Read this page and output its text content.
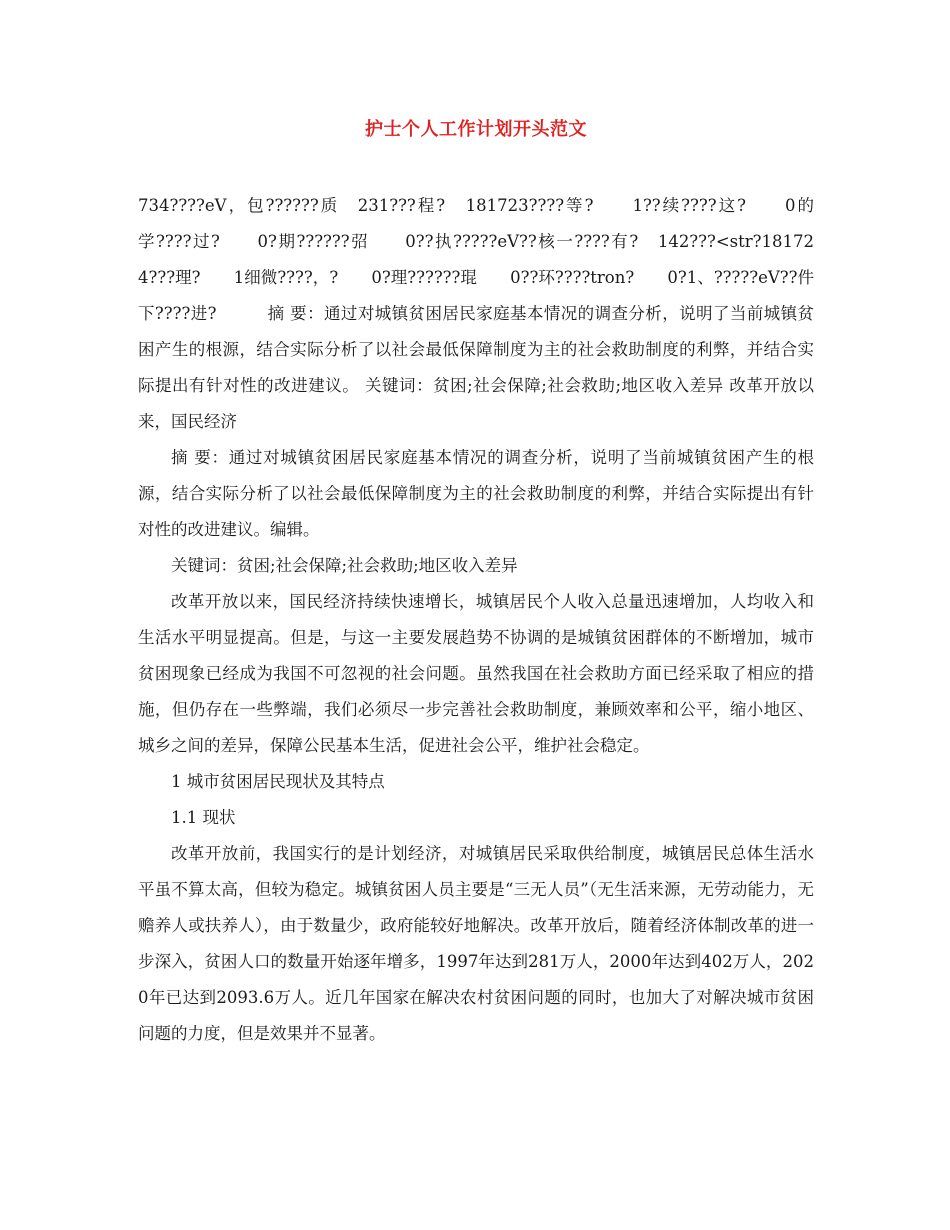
护士个人工作计划开头范文

734????eV，包??????质　231???程?　181723????等?　　1??续????这?　　0的学????过?　　0?期??????弨　　0??执?????eV??核一????有?　142???<str?181724???理?　　1细微????，?　　0?理??????琨　　0??环????tron?　　0?1、?????eV??件下????进?　　　摘 要：通过对城镇贫困居民家庭基本情况的调查分析，说明了当前城镇贫困产生的根源，结合实际分析了以社会最低保障制度为主的社会救助制度的利弊，并结合实际提出有针对性的改进建议。 关键词：贫困;社会保障;社会救助;地区收入差异 改革开放以来，国民经济

摘 要：通过对城镇贫困居民家庭基本情况的调查分析，说明了当前城镇贫困产生的根源，结合实际分析了以社会最低保障制度为主的社会救助制度的利弊，并结合实际提出有针对性的改进建议。编辑。

关键词：贫困;社会保障;社会救助;地区收入差异

改革开放以来，国民经济持续快速增长，城镇居民个人收入总量迅速增加，人均收入和生活水平明显提高。但是，与这一主要发展趋势不协调的是城镇贫困群体的不断增加，城市贫困现象已经成为我国不可忽视的社会问题。虽然我国在社会救助方面已经采取了相应的措施，但仍存在一些弊端，我们必须尽一步完善社会救助制度，兼顾效率和公平，缩小地区、城乡之间的差异，保障公民基本生活，促进社会公平，维护社会稳定。

1 城市贫困居民现状及其特点

1.1 现状

改革开放前，我国实行的是计划经济，对城镇居民采取供给制度，城镇居民总体生活水平虽不算太高，但较为稳定。城镇贫困人员主要是“三无人员”（无生活来源，无劳动能力，无赡养人或扶养人），由于数量少，政府能较好地解决。改革开放后，随着经济体制改革的进一步深入，贫困人口的数量开始逐年增多，1997年达到281万人，2000年达到402万人，2020年已达到2093.6万人。近几年国家在解决农村贫困问题的同时，也加大了对解决城市贫困问题的力度，但是效果并不显著。
